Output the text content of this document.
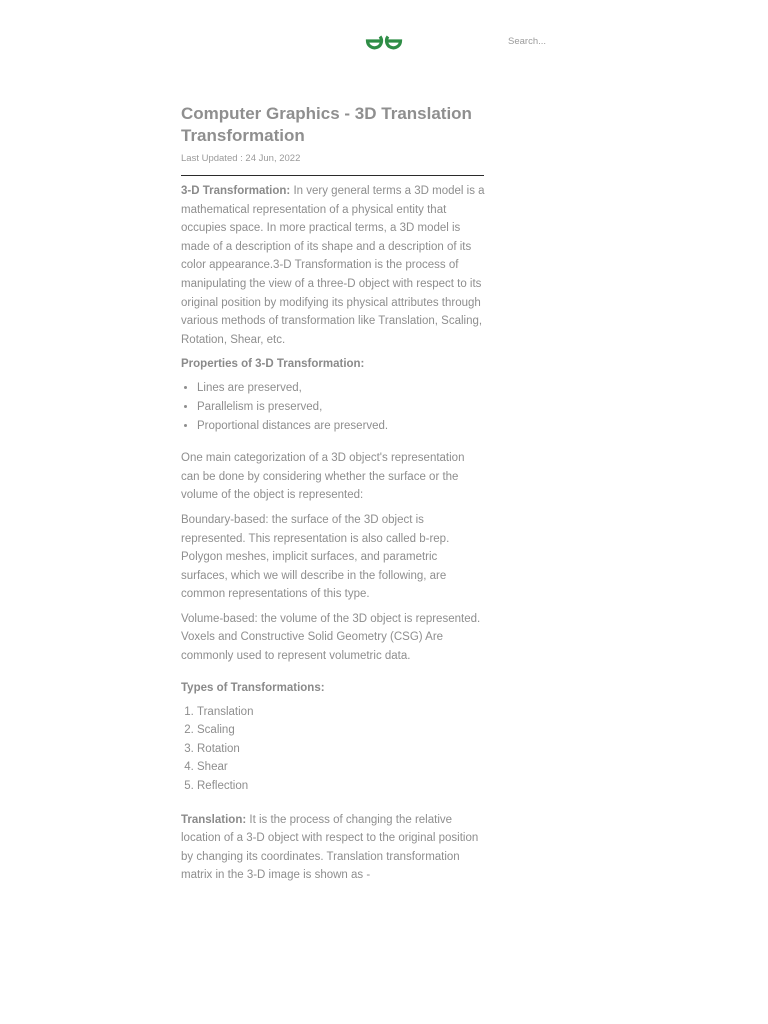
Search...
Computer Graphics - 3D Translation Transformation
Last Updated : 24 Jun, 2022

3-D Transformation: In very general terms a 3D model is a mathematical representation of a physical entity that occupies space. In more practical terms, a 3D model is made of a description of its shape and a description of its color appearance.3-D Transformation is the process of manipulating the view of a three-D object with respect to its original position by modifying its physical attributes through various methods of transformation like Translation, Scaling, Rotation, Shear, etc.

Properties of 3-D Transformation:
• Lines are preserved,
• Parallelism is preserved,
• Proportional distances are preserved.

One main categorization of a 3D object's representation can be done by considering whether the surface or the volume of the object is represented:

Boundary-based: the surface of the 3D object is represented. This representation is also called b-rep. Polygon meshes, implicit surfaces, and parametric surfaces, which we will describe in the following, are common representations of this type.

Volume-based: the volume of the 3D object is represented. Voxels and Constructive Solid Geometry (CSG) Are commonly used to represent volumetric data.

Types of Transformations:
1. Translation
2. Scaling
3. Rotation
4. Shear
5. Reflection

Translation: It is the process of changing the relative location of a 3-D object with respect to the original position by changing its coordinates. Translation transformation matrix in the 3-D image is shown as -
